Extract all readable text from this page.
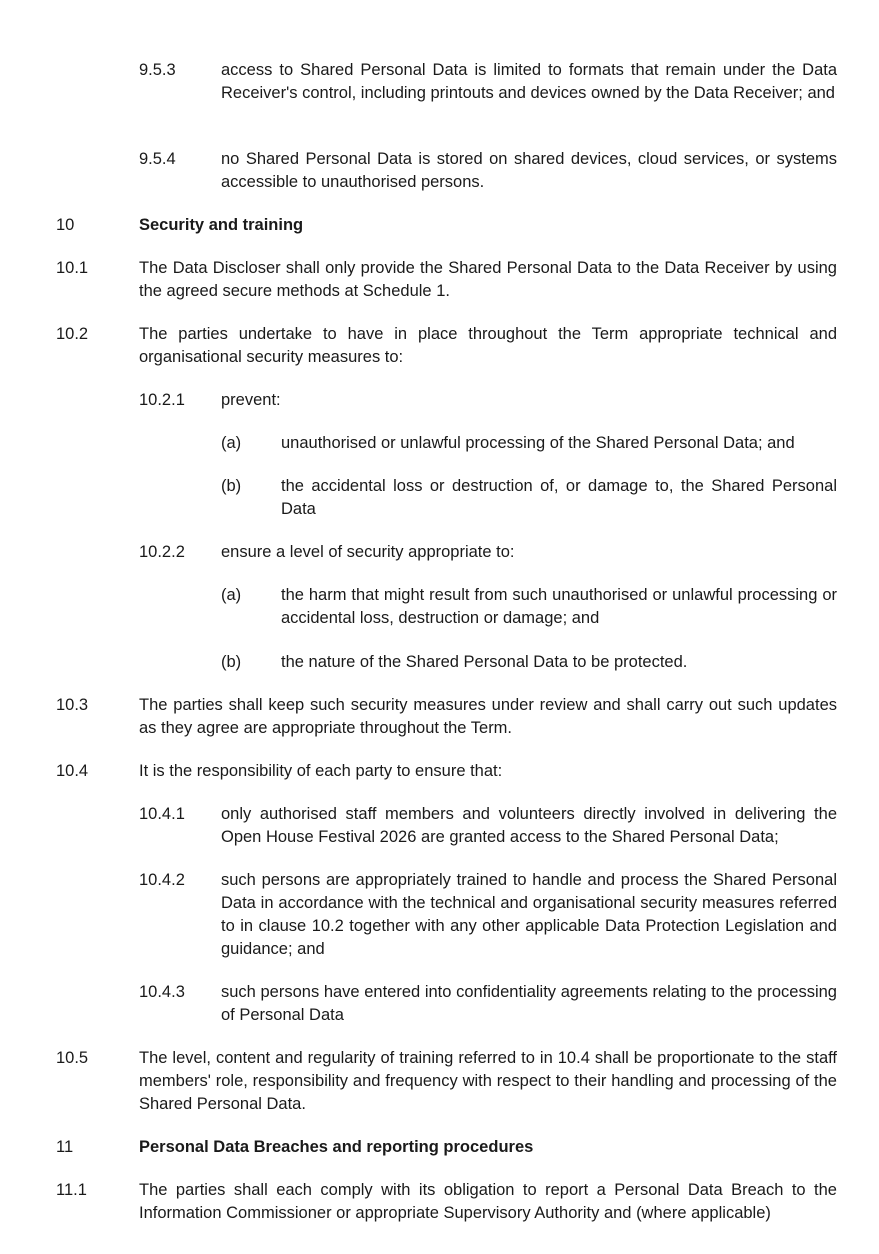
9.5.3	access to Shared Personal Data is limited to formats that remain under the Data Receiver's control, including printouts and devices owned by the Data Receiver; and
9.5.4	no Shared Personal Data is stored on shared devices, cloud services, or systems accessible to unauthorised persons.
10	Security and training
10.1	The Data Discloser shall only provide the Shared Personal Data to the Data Receiver by using the agreed secure methods at Schedule 1.
10.2	The parties undertake to have in place throughout the Term appropriate technical and organisational security measures to:
10.2.1 prevent:
(a) unauthorised or unlawful processing of the Shared Personal Data; and
(b) the accidental loss or destruction of, or damage to, the Shared Personal Data
10.2.2 ensure a level of security appropriate to:
(a) the harm that might result from such unauthorised or unlawful processing or accidental loss, destruction or damage; and
(b) the nature of the Shared Personal Data to be protected.
10.3	The parties shall keep such security measures under review and shall carry out such updates as they agree are appropriate throughout the Term.
10.4	It is the responsibility of each party to ensure that:
10.4.1 only authorised staff members and volunteers directly involved in delivering the Open House Festival 2026 are granted access to the Shared Personal Data;
10.4.2 such persons are appropriately trained to handle and process the Shared Personal Data in accordance with the technical and organisational security measures referred to in clause 10.2 together with any other applicable Data Protection Legislation and guidance; and
10.4.3 such persons have entered into confidentiality agreements relating to the processing of Personal Data
10.5	The level, content and regularity of training referred to in 10.4 shall be proportionate to the staff members' role, responsibility and frequency with respect to their handling and processing of the Shared Personal Data.
11	Personal Data Breaches and reporting procedures
11.1	The parties shall each comply with its obligation to report a Personal Data Breach to the Information Commissioner or appropriate Supervisory Authority and (where applicable)
